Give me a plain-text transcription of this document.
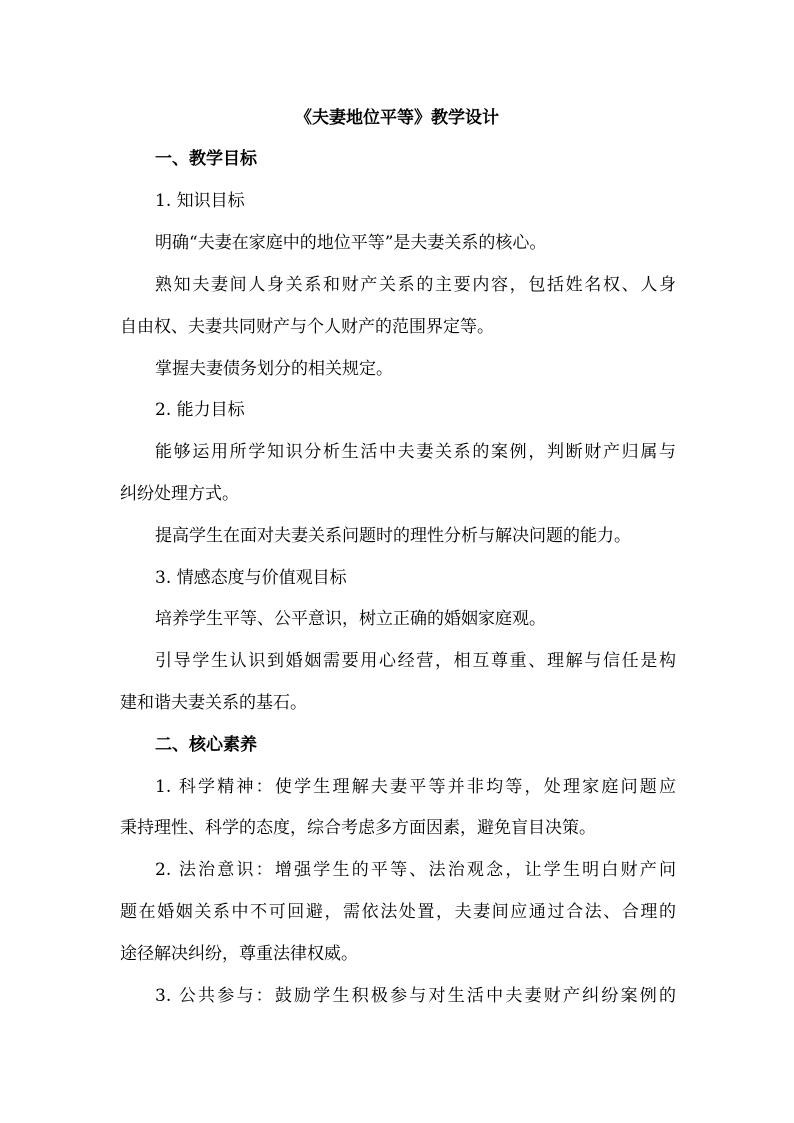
《夫妻地位平等》教学设计
一、教学目标
1. 知识目标
明确“夫妻在家庭中的地位平等”是夫妻关系的核心。
熟知夫妻间人身关系和财产关系的主要内容，包括姓名权、人身
自由权、夫妻共同财产与个人财产的范围界定等。
掌握夫妻债务划分的相关规定。
2. 能力目标
能够运用所学知识分析生活中夫妻关系的案例，判断财产归属与
纠纷处理方式。
提高学生在面对夫妻关系问题时的理性分析与解决问题的能力。
3. 情感态度与价值观目标
培养学生平等、公平意识，树立正确的婚姻家庭观。
引导学生认识到婚姻需要用心经营，相互尊重、理解与信任是构
建和谐夫妻关系的基石。
二、核心素养
1. 科学精神：使学生理解夫妻平等并非均等，处理家庭问题应
秉持理性、科学的态度，综合考虑多方面因素，避免盲目决策。
2. 法治意识：增强学生的平等、法治观念，让学生明白财产问
题在婚姻关系中不可回避，需依法处置，夫妻间应通过合法、合理的
途径解决纠纷，尊重法律权威。
3. 公共参与：鼓励学生积极参与对生活中夫妻财产纠纷案例的
